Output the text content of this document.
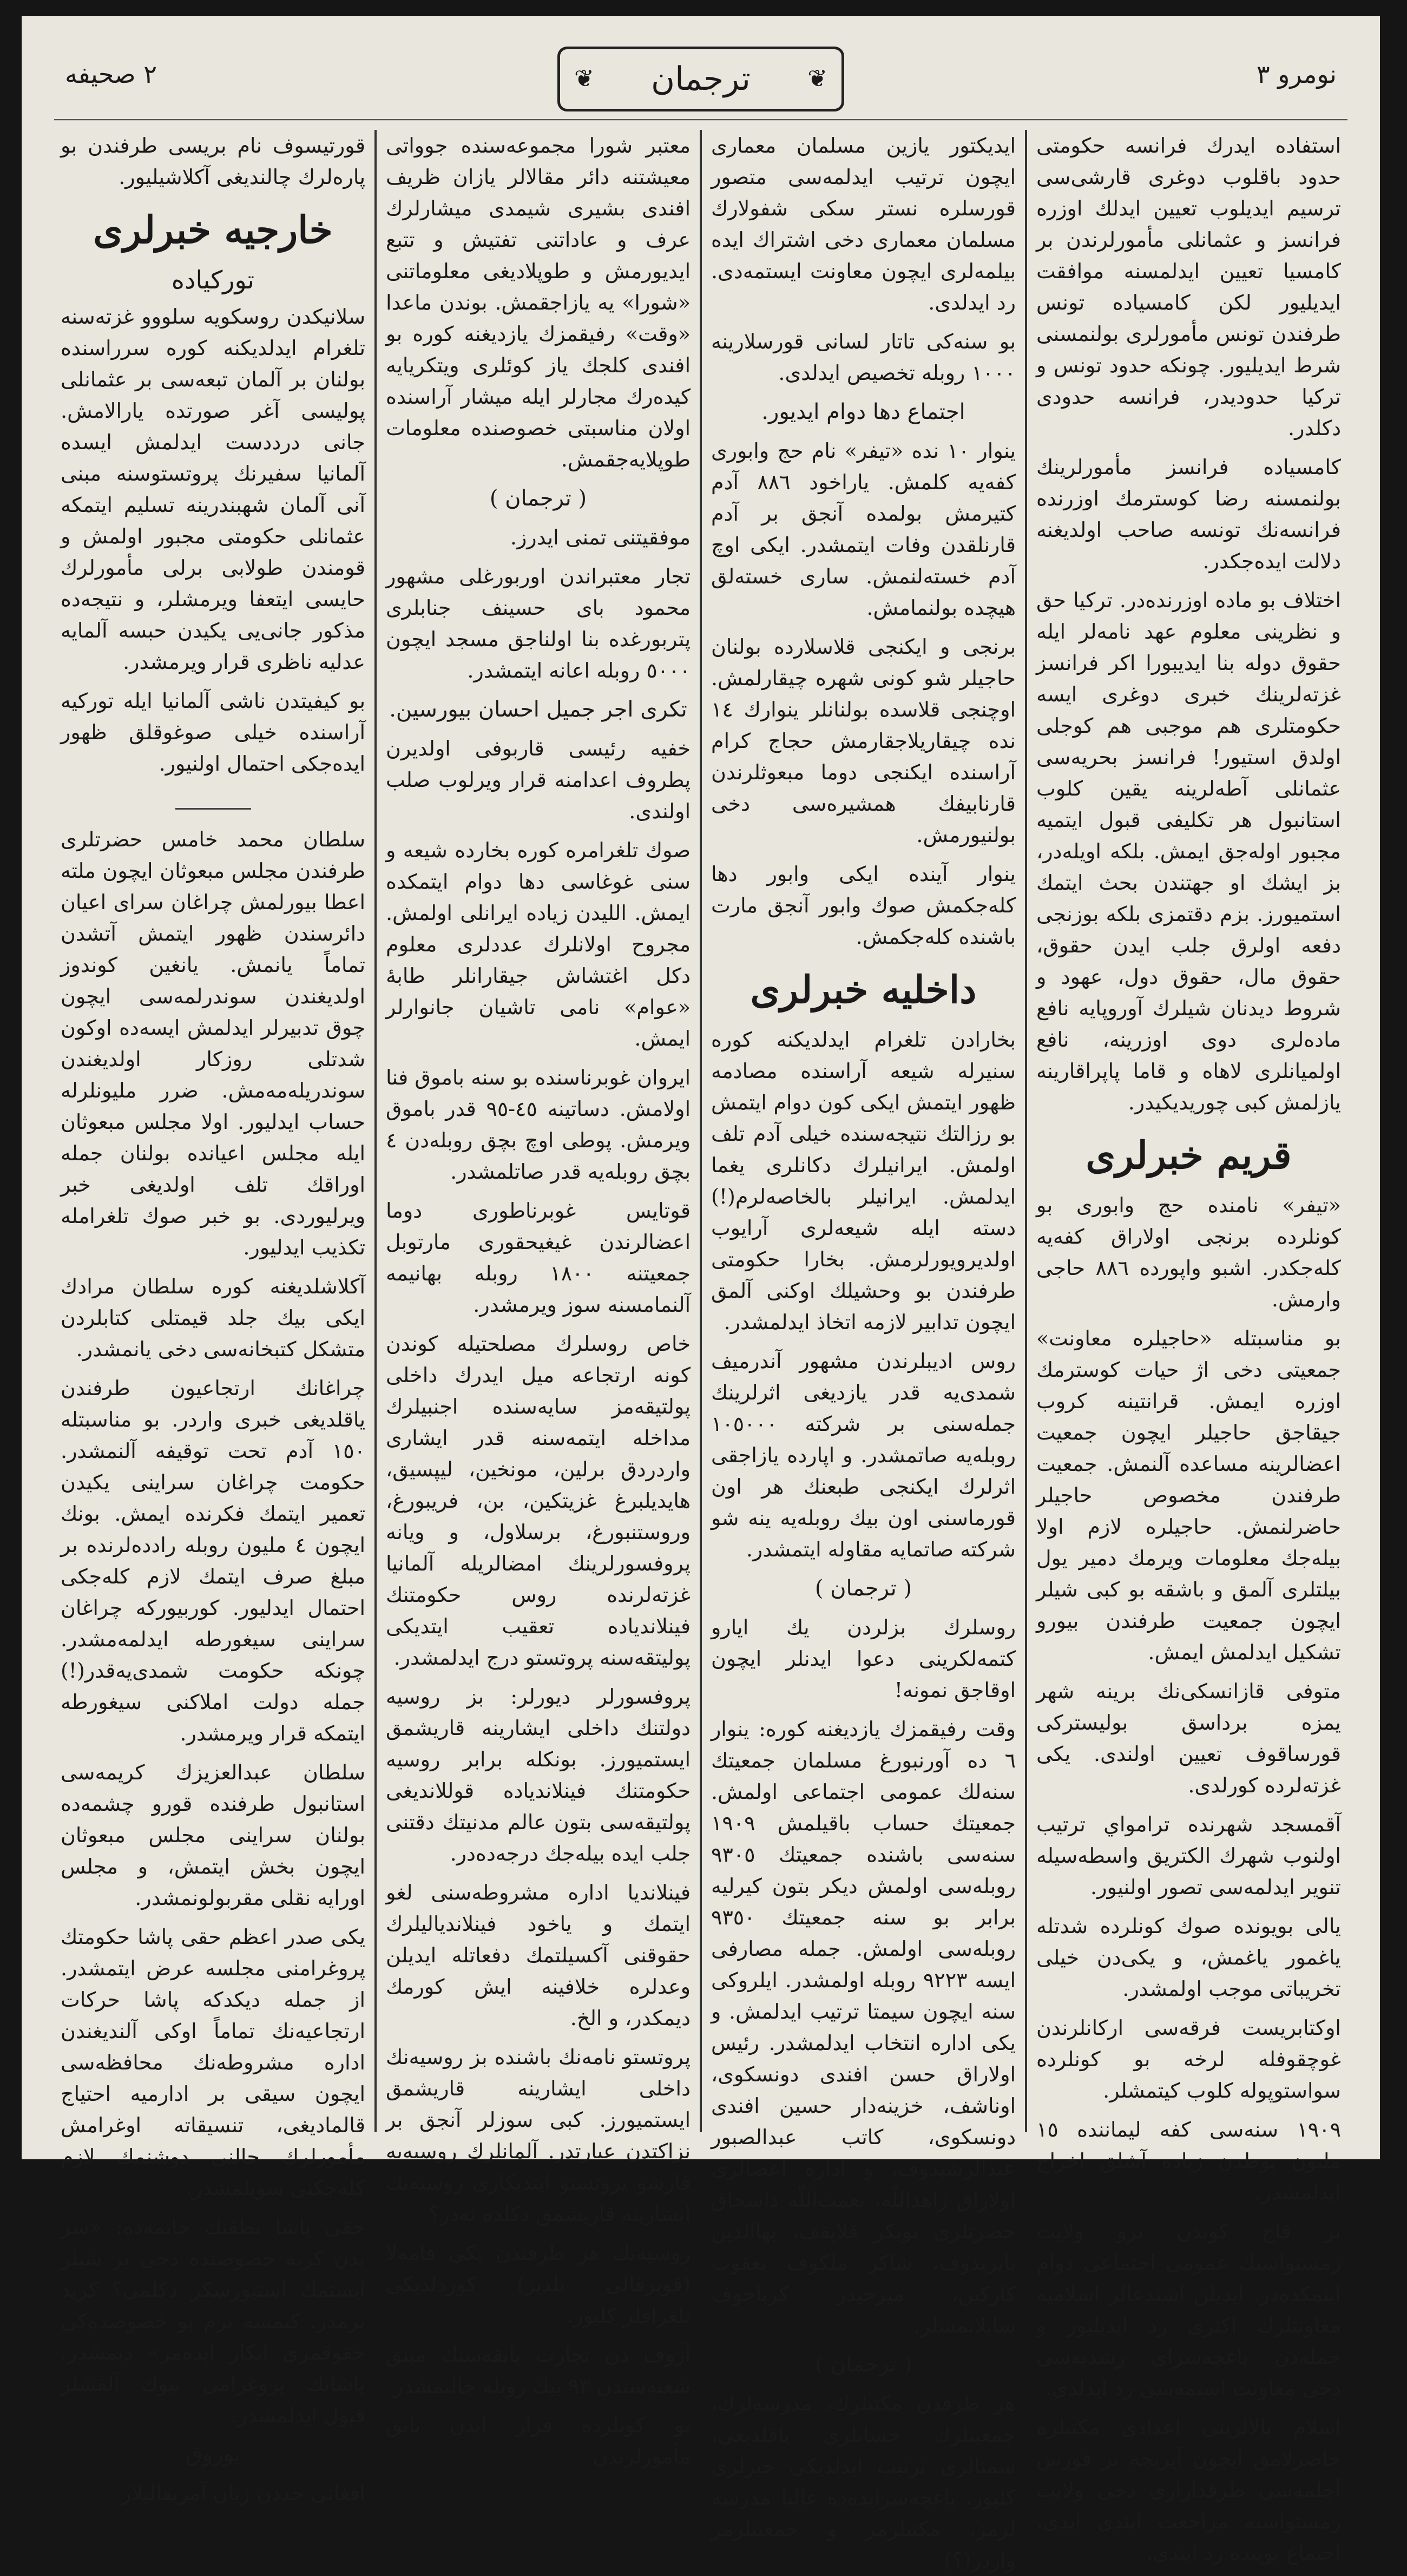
نومرو ٣
❦ ترجمان ❦
٢ صحيفه

استفاده ایدرك فرانسه حکومتی حدود باقلوب دوغری قارشی‌سی ترسیم ایدیلوب تعیین ایدلك اوزره فرانسز و عثمانلی مأمورلرندن بر کامسیا تعیین ایدلمسنه موافقت ایدیلیور لکن کامسیاده تونس طرفندن تونس مأمورلری بولنمسنی شرط ایدیلیور. چونکه حدود تونس و ترکیا حدودیدر، فرانسه حدودی دکلدر.

کامسیاده فرانسز مأمورلرینك بولنمسنه رضا کوسترمك اوزرنده فرانسه‌نك تونسه صاحب اولدیغنه دلالت ایده‌جکدر.

اختلاف بو ماده اوزرنده‌در. ترکیا حق و نظرینی معلوم عهد نامه‌لر ایله حقوق دوله بنا ایدیبورا اکر فرانسز غزته‌لرینك خبری دوغری ایسه حکومتلری هم موجبی هم کوجلی اولدق استیور! فرانسز بحریه‌سی عثمانلی آطه‌لرینه یقین کلوب استانبول هر تکلیفی قبول ایتمیه مجبور اوله‌جق ایمش. بلکه اویله‌در، بز ایشك او جهتندن بحث ایتمك استمیورز. بزم دقتمزی بلکه بوزنجی دفعه اولرق جلب ایدن حقوق، حقوق مال، حقوق دول، عهود و شروط دیدنان شیلرك آوروپایه نافع ماده‌لری دوی اوزرینه، نافع اولمیانلری لاهاه و قاما پاپراقارینه یازلمش کبی چوریدیکیدر.

قریم خبرلری

«تیفر» نامنده حج وابوری بو کونلرده برنجی اولاراق کفه‌یه کله‌جکدر. اشبو واپورده ٨٨٦ حاجی وارمش.

بو مناسبتله «حاجیلره معاونت» جمعیتی دخی اژ حیات کوسترمك اوزره ایمش. قرانتینه کروب جیقاجق حاجیلر ایچون جمعیت اعضالرینه مساعده آلنمش. جمعیت طرفندن مخصوص حاجیلر حاضرلنمش. حاجیلره لازم اولا بیله‌جك معلومات ویرمك دمیر یول بیلتلری آلمق و باشقه بو کبی شیلر ایچون جمعیت طرفندن بیورو تشکیل ایدلمش ایمش.

متوفی قازانسکی‌نك برینه شهر یمزه برداسق بولیسترکی قورساقوف تعیین اولندی. یکی غزته‌لرده کورلدی.

آقمسجد شهرنده ترامواي ترتیب اولنوب شهرك الکتریق واسطه‌سیله تنویر ایدلمه‌سی تصور اولنیور.

یالی بویونده صوك کونلرده شدتله یاغمور یاغمش، و یکی‌دن خیلی تخریباتی موجب اولمشدر.

اوکتابریست فرقه‌سی ارکانلرندن غوچقوفله لرخه بو کونلرده سواستوپوله کلوب کیتمشلر.

١٩٠٩ سنه‌سی کفه لیماننده ١٥ ملیون پوطدن زیاده آشلق اخراج ایدلمشدر.

بر قاج کوندن برو ولایت زمستواسنك عمومی اجتماعی دوام ایتمکده‌در. ایدیلن استدعالر اسلامیه معاونتلرك اکثری رد ایدیلیور و جمله‌دن باغچه‌سرای رشدیه‌سی دخی معاونت استمه‌سی رد ایدلدی.

اسلام بالالرینی اعدادی مکتبلره حاضرلامق ایچون آیریجه بر قورس آچلمه‌سی طرفداراری دخی ولایت زمستواسنه مراجعت ایتدی ایدی. اجتماع بوینده رد ایتدی.

ایدیکتور یازین مسلمان معماری ایچون ترتیب ایدلمه‌سی متصور قورسلره نستر سکی شفولارك مسلمان معماری دخی اشتراك ایده بیلمه‌لری ایچون معاونت ایستمه‌دی. رد ایدلدی.

بو سنه‌کی تاتار لسانی قورسلارینه ١٠٠٠ روبله تخصیص ایدلدی.

اجتماع دها دوام ایدیور.

ینوار ١٠ نده «تیفر» نام حج وابوری کفه‌یه کلمش. یاراخود ٨٨٦ آدم کتیرمش بولمده آنجق بر آدم قارنلقدن وفات ایتمشدر. ایکی اوچ آدم خسته‌لنمش. ساری خسته‌لق هیچده بولنمامش.

برنجی و ایکنجی قلاسلارده بولنان حاجیلر شو کونی شهره چیقارلمش. اوچنجی قلاسده بولنانلر ینوارك ١٤ نده چیقاریلاجقارمش حجاج کرام آراسنده ایکنجی دوما مبعوثلرندن قارنابیفك همشیره‌سی دخی بولنیورمش.

ینوار آینده ایکی وابور دها کله‌جکمش صوك وابور آنجق مارت باشنده کله‌جکمش.

داخلیه خبرلری

بخارادن تلغرام ایدلدیکنه کوره سنیرله شیعه آراسنده مصادمه ظهور ایتمش ایکی کون دوام ایتمش بو رزالتك نتیجه‌سنده خیلی آدم تلف اولمش. ایرانیلرك دکانلری یغما ایدلمش. ایرانیلر بالخاصه‌لرم(!) دسته ایله شیعه‌لری آرایوب اولدیرویورلرمش. بخارا حکومتی طرفندن بو وحشیلك اوکنی آلمق ایچون تدابیر لازمه اتخاذ ایدلمشدر.

روس ادیبلرندن مشهور آندرمیف شمدی‌یه قدر یازدیغی اثرلرینك جمله‌سنی بر شرکته ١٠٥٠٠٠ روبله‌یه صاتمشدر. و اپارده یازاجقی اثرلرك ایکنجی طبعنك هر اون قورماسنی اون بیك روبله‌یه ینه شو شرکته صاتمایه مقاوله ایتمشدر.

( ترجمان )

روسلرك بزلردن یك ایارو کتمه‌لکرینی دعوا ایدنلر ایچون اوقاجق نمونه!

وقت رفیقمزك یازدیغنه کوره: ینوار ٦ ده آورنبورغ مسلمان جمعیتك سنه‌لك عمومی اجتماعی اولمش. جمعیتك حساب باقیلمش ١٩٠٩ سنه‌سی باشنده جمعیتك ٩٣٠٥ روبله‌سی اولمش دیکر بتون کیرلیه برابر بو سنه جمعیتك ٩٣٥٠ روبله‌سی اولمش. جمله مصارفی ایسه ٩٢٢٣ روبله اولمشدر. ایلروکی سنه ایچون سیمتا ترتیب ایدلمش. و یکی اداره انتخاب ایدلمشدر. رئیس اولاراق حسن افندی دونسکوی، اوناشف، خزینه‌دار حسین افندی دونسکوی، کاتب عبدالصبور عبدالرشیدوف، و اداره اعضالری اولاراق زاهداللّه، نعمت‌اللّه داسحاق حضرتلری بوبکر قلایقف، بهاالدین بایزیدوف، شاکر ملکوف یعقوب کارکین، میرجیدر کرباجوف سایلانمشلر.

( ترجمان )

هر طرفدن مکتبلرك، مدرسه‌لرك، جمعیتلرك حسابلری باقلدیغی، سمتالری ترتیب ایدلدیکی خبرلری کلیور. باغچه‌سرایده‌ده غالبا مدرسه لرمز، مکتبلرمز و جمعیتلرمز واردر(؟)

معتبر شورا مجموعه‌سنده جوواتی معیشتنه دائر مقالالر یازان ظریف افندی بشیری شیمدی میشارلرك عرف و عاداتنی تفتیش و تتبع ایدیورمش و طوپلادیغی معلوماتنی «شورا» یه یازاجقمش. بوندن ماعدا «وقت» رفیقمزك یازدیغنه کوره بو افندی کلجك یاز کوئلری ویتکریایه کیده‌رك مجارلر ایله میشار آراسنده اولان مناسبتی خصوصنده معلومات طوپلایه‌جقمش.

( ترجمان )

موفقیتنی تمنی ایدرز.

تجار معتبراندن اوربورغلی مشهور محمود بای حسینف جنابلری پتربورغده بنا اولناجق مسجد ایچون ٥٠٠٠ روبله اعانه ایتمشدر.

تکری اجر جمیل احسان بیورسین.

خفیه رئیسی قاربوفی اولدیرن پطروف اعدامنه قرار ویرلوب صلب اولندی.

صوك تلغرامره کوره بخارده شیعه و سنی غوغاسی دها دوام ایتمکده ایمش. اللیدن زیاده ایرانلی اولمش. مجروح اولانلرك عددلری معلوم دکل اغتشاش جیقارانلر طابهٔ «عوام» نامی تاشیان جانوارلر ایمش.

ایروان غوبرناسنده بو سنه باموق فنا اولامش. دساتینه ٤٥-٩٥ قدر باموق ویرمش. پوطی اوچ بچق روبله‌دن ٤ بچق روبله‌یه قدر صاتلمشدر.

قوتایس غوبرناطوری دوما اعضالرندن غیغیحقوری مارتوبل جمعیتنه ١٨٠٠ روبله بهانیمه آلنمامسنه سوز ویرمشدر.

خاص روسلرك مصلحتیله کوندن کونه ارتجاعه میل ایدرك داخلی پولتیقه‌مز سایه‌سنده اجنبیلرك مداخله ایتمه‌سنه قدر ایشاری واردردق برلین، مونخین، لیپسیق، هایدیلبرغ غزیتکین، بن، فریبورغ، وروستنبورغ، برسلاول، و ویانه پروفسورلرینك امضالریله آلمانیا غزته‌لرنده روس حکومتنك فینلاندیاده تعقیب ایتدیکی پولیتقه‌سنه پروتستو درج ایدلمشدر.

پروفسورلر دیورلر: بز روسیه دولتنك داخلی ایشارینه قاریشمق ایستمیورز. بونکله برابر روسیه حکومتنك فینلاندیاده قوللاندیغی پولتیقه‌سی بتون عالم مدنیتك دقتنی جلب ایده بیله‌جك درجه‌ده‌در.

فینلاندیا اداره مشروطه‌سنی لغو ایتمك و یاخود فینلاندیالیلرك حقوقنی آکسیلتمك دفعاتله ایدیلن وعدلره خلافینه ایش کورمك دیمکدر، و الخ.

پروتستو نامه‌نك باشنده بز روسیه‌نك داخلی ایشارینه قاریشمق ایستمیورز. کبی سوزلر آنجق بر نزاکتدن عبارتدر. آلمانلرك روسیه‌یه قارشو پروتستو ایتدیکاری روسیه‌نك ایشارینه قاریشمق دکلده نه‌در؟

روسیه‌نك هر طرفندن یکی قامه‌لا (قوبرقالی بلدیز) کوردلدیکی تلغرافلر کلیور.

آزوف دن تجارت بانقه‌سنك مبنق شعبه‌سندن ٩٣ بیك روبله جالنمشدر.

بو کونلرده فرار ایدن بانق مأمورلرندن

قورتیسوف نام بریسی طرفندن بو پاره‌لرك چالندیغی آکلاشیلیور.

خارجیه خبرلری
تورکیاده

سلانیکدن روسکویه سلووو غزته‌سنه تلغرام ایدلدیکنه کوره سرراسنده بولنان بر آلمان تبعه‌سی بر عثمانلی پولیسی آغر صورتده یارالامش. جانی درددست ایدلمش ایسده آلمانیا سفیرنك پروتستوسنه مبنی آنی آلمان شهبندرینه تسلیم ایتمکه عثمانلی حکومتی مجبور اولمش و قومندن طولابی برلی مأمورلرك حایسی ایتعفا ویرمشلر، و نتیجه‌ده مذکور جانی‌یی یکیدن حبسه آلمایه عدلیه ناظری قرار ویرمشدر.

بو کیفیتدن ناشی آلمانیا ایله تورکیه آراسنده خیلی صوغوقلق ظهور ایده‌جکی احتمال اولنیور.

سلطان محمد خامس حضرتلری طرفندن مجلس مبعوثان ایچون ملته اعطا بیورلمش چراغان سرای اعیان دائرسندن ظهور ایتمش آتشدن تماماً یانمش. یانغین کوندوز اولدیغندن سوندرلمه‌سی ایچون چوق تدبیرلر ایدلمش ایسه‌ده اوکون شدتلی روزکار اولدیغندن سوندریله‌مه‌مش. ضرر ملیونلرله حساب ایدلیور. اولا مجلس مبعوثان ایله مجلس اعیانده بولنان جمله اوراقك تلف اولدیغی خبر ویرلیوردی. بو خبر صوك تلغرامله تکذیب ایدلیور.

آکلاشلدیغنه کوره سلطان مرادك ایکی بیك جلد قیمتلی کتابلردن متشکل کتبخانه‌سی دخی یانمشدر.

چراغانك ارتجاعیون طرفندن یاقلدیغی خبری واردر. بو مناسبتله ١٥٠ آدم تحت توقیفه آلنمشدر. حکومت چراغان سراینی یکیدن تعمیر ایتمك فکرنده ایمش. بونك ایچون ٤ ملیون روبله رادده‌لرنده بر مبلغ صرف ایتمك لازم کله‌جکی احتمال ایدلیور. کوربیورکه چراغان سراینی سیغورطه ایدلمه‌مشدر. چونکه حکومت شمدی‌یه‌قدر(!) جمله دولت املاکنی سیغورطه ایتمکه قرار ویرمشدر.

سلطان عبدالعزیزك کریمه‌سی استانبول طرفنده قورو چشمه‌ده بولنان سراینی مجلس مبعوثان ایچون بخش ایتمش، و مجلس اورایه نقلی مقربولونمشدر.

یکی صدر اعظم حقی پاشا حکومتك پروغرامنی مجلسه عرض ایتمشدر. از جمله دیکدکه پاشا حرکات ارتجاعیه‌نك تماماً اوکی آلندیغندن اداره مشروطه‌نك محافظه‌سی ایچون سیقی بر ادارمیه احتیاج قالمادیغی، تنسیقاته اوغرامش مأمورلرك حالنی دوشنمك لازم کله‌جکنی سویلمشدر.

حقی پاشا نطقنك خاتمه‌ده: «سز بدن کریه خصوصنده دخی بر شیلر ایستمك استیورسکز دکلمی؟ کرید بزمدر. کیمسه بزم بو خصوصده‌کی حقوقمزی انکار ایده‌مز» دیمشدر. پاشانك پروغرامی بیوك آلقشلر قبول ایدلمشدر.

یوروق

افغانی حددن زیان آمریقالیلار
